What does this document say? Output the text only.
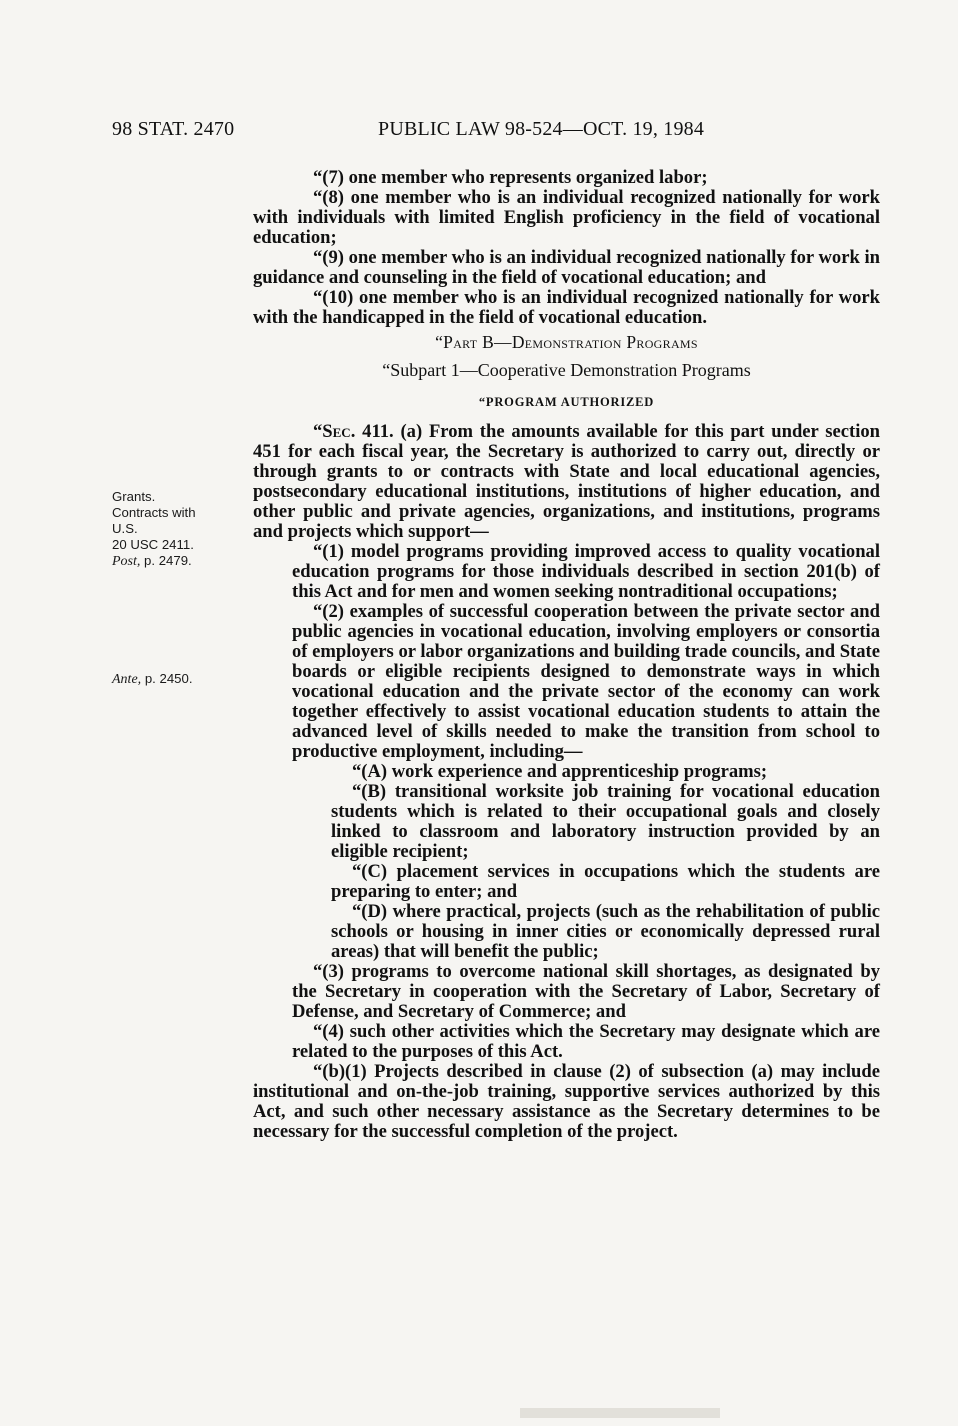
98 STAT. 2470	PUBLIC LAW 98-524—OCT. 19, 1984
Grants.
Contracts with
U.S.
20 USC 2411.
Post, p. 2479.
Ante, p. 2450.

“(7) one member who represents organized labor;

“(8) one member who is an individual recognized nationally for work with individuals with limited English proficiency in the field of vocational education;

“(9) one member who is an individual recognized nationally for work in guidance and counseling in the field of vocational education; and

“(10) one member who is an individual recognized nationally for work with the handicapped in the field of vocational education.

“Part B—Demonstration Programs

“Subpart 1—Cooperative Demonstration Programs

“PROGRAM AUTHORIZED

“Sec. 411. (a) From the amounts available for this part under section 451 for each fiscal year, the Secretary is authorized to carry out, directly or through grants to or contracts with State and local educational agencies, postsecondary educational institutions, institutions of higher education, and other public and private agencies, organizations, and institutions, programs and projects which support—

“(1) model programs providing improved access to quality vocational education programs for those individuals described in section 201(b) of this Act and for men and women seeking nontraditional occupations;

“(2) examples of successful cooperation between the private sector and public agencies in vocational education, involving employers or consortia of employers or labor organizations and building trade councils, and State boards or eligible recipients designed to demonstrate ways in which vocational education and the private sector of the economy can work together effectively to assist vocational education students to attain the advanced level of skills needed to make the transition from school to productive employment, including—

“(A) work experience and apprenticeship programs;

“(B) transitional worksite job training for vocational education students which is related to their occupational goals and closely linked to classroom and laboratory instruction provided by an eligible recipient;

“(C) placement services in occupations which the students are preparing to enter; and

“(D) where practical, projects (such as the rehabilitation of public schools or housing in inner cities or economically depressed rural areas) that will benefit the public;

“(3) programs to overcome national skill shortages, as designated by the Secretary in cooperation with the Secretary of Labor, Secretary of Defense, and Secretary of Commerce; and

“(4) such other activities which the Secretary may designate which are related to the purposes of this Act.

“(b)(1) Projects described in clause (2) of subsection (a) may include institutional and on-the-job training, supportive services authorized by this Act, and such other necessary assistance as the Secretary determines to be necessary for the successful completion of the project.
